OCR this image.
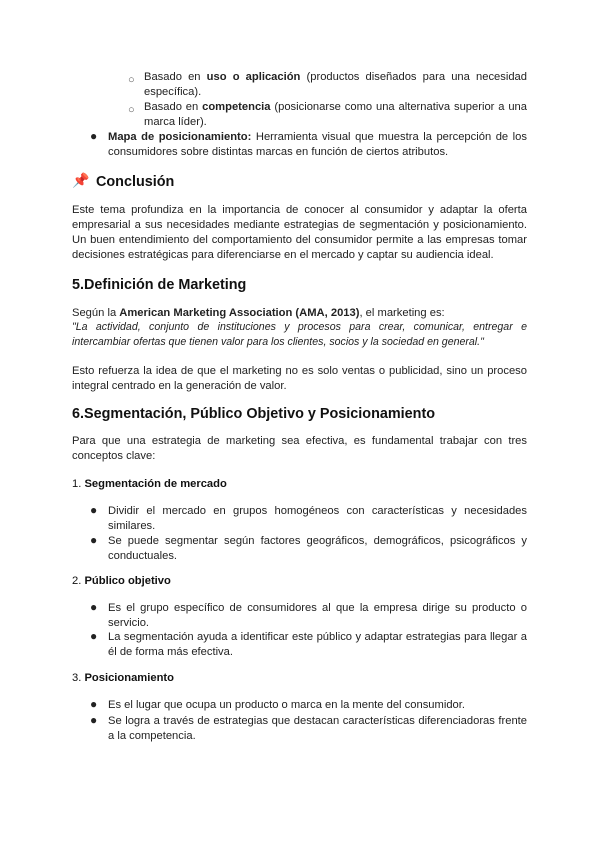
○ Basado en uso o aplicación (productos diseñados para una necesidad específica).
○ Basado en competencia (posicionarse como una alternativa superior a una marca líder).
● Mapa de posicionamiento: Herramienta visual que muestra la percepción de los consumidores sobre distintas marcas en función de ciertos atributos.
📌 Conclusión
Este tema profundiza en la importancia de conocer al consumidor y adaptar la oferta empresarial a sus necesidades mediante estrategias de segmentación y posicionamiento. Un buen entendimiento del comportamiento del consumidor permite a las empresas tomar decisiones estratégicas para diferenciarse en el mercado y captar su audiencia ideal.
5.Definición de Marketing
Según la American Marketing Association (AMA, 2013), el marketing es:
"La actividad, conjunto de instituciones y procesos para crear, comunicar, entregar e intercambiar ofertas que tienen valor para los clientes, socios y la sociedad en general."
Esto refuerza la idea de que el marketing no es solo ventas o publicidad, sino un proceso integral centrado en la generación de valor.
6.Segmentación, Público Objetivo y Posicionamiento
Para que una estrategia de marketing sea efectiva, es fundamental trabajar con tres conceptos clave:
1. Segmentación de mercado
● Dividir el mercado en grupos homogéneos con características y necesidades similares.
● Se puede segmentar según factores geográficos, demográficos, psicográficos y conductuales.
2. Público objetivo
● Es el grupo específico de consumidores al que la empresa dirige su producto o servicio.
● La segmentación ayuda a identificar este público y adaptar estrategias para llegar a él de forma más efectiva.
3. Posicionamiento
● Es el lugar que ocupa un producto o marca en la mente del consumidor.
● Se logra a través de estrategias que destacan características diferenciadoras frente a la competencia.
